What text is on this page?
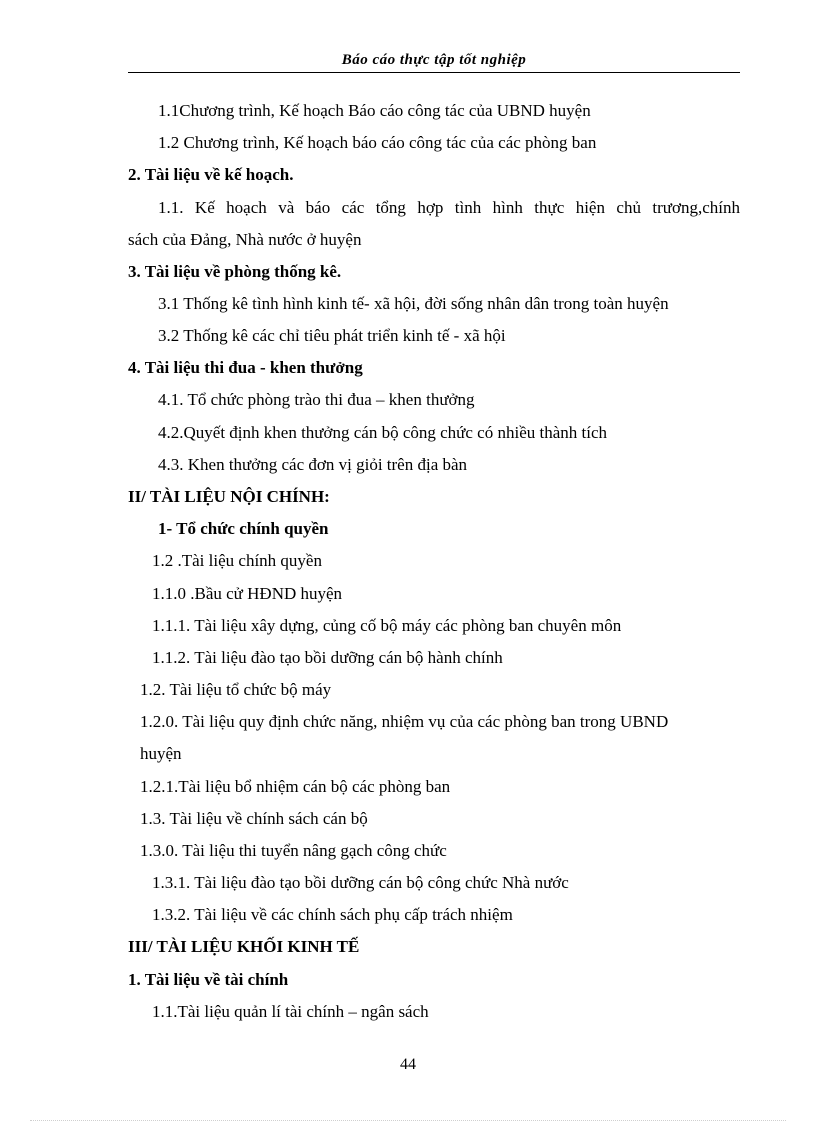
Báo cáo thực tập tốt nghiệp
1.1Chương trình, Kế hoạch Báo cáo công tác của UBND huyện
1.2 Chương trình, Kế hoạch báo cáo công tác của các phòng ban
2. Tài liệu về kế hoạch.
1.1. Kế hoạch và báo các tổng hợp tình hình thực hiện chủ trương,chính
sách của Đảng, Nhà nước ở huyện
3. Tài liệu về phòng thống kê.
3.1 Thống kê tình hình kinh tế- xã hội, đời sống nhân dân trong toàn huyện
3.2 Thống kê các chỉ tiêu phát triển kinh tế - xã hội
4. Tài liệu thi đua - khen thưởng
4.1. Tổ chức phòng trào thi đua – khen thưởng
4.2.Quyết định khen thưởng cán bộ công chức có nhiều thành tích
4.3. Khen thưởng các đơn vị giỏi trên địa bàn
II/ TÀI LIỆU NỘI CHÍNH:
1- Tổ chức chính quyền
1.2 .Tài liệu chính quyền
1.1.0 .Bầu cử HĐND huyện
1.1.1. Tài liệu xây dựng, củng cố bộ máy các phòng ban chuyên môn
1.1.2. Tài liệu đào tạo bồi dưỡng cán bộ hành chính
1.2. Tài liệu tổ chức bộ máy
1.2.0. Tài liệu quy định chức năng, nhiệm vụ của các phòng ban trong UBND
huyện
1.2.1.Tài liệu bổ nhiệm cán bộ các phòng ban
1.3. Tài liệu về chính sách cán bộ
1.3.0. Tài liệu thi tuyển nâng gạch công chức
1.3.1. Tài liệu đào tạo bồi dưỡng cán bộ công chức Nhà nước
1.3.2. Tài liệu về các chính sách phụ cấp trách nhiệm
III/ TÀI LIỆU KHỐI KINH TẾ
1. Tài liệu về tài chính
1.1.Tài liệu quản lí tài chính – ngân sách
44
